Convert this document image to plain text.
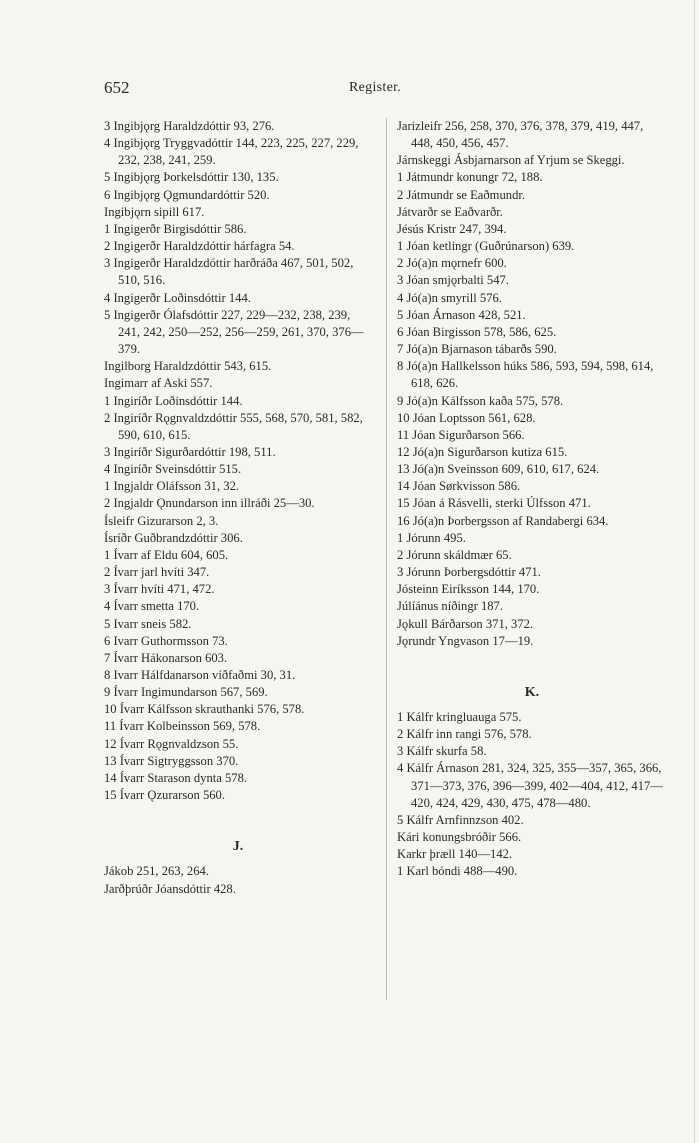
652	Register.
3 Ingibjǫrg Haraldzdóttir 93, 276.
4 Ingibjǫrg Tryggvadóttir 144, 223, 225, 227, 229, 232, 238, 241, 259.
5 Ingibjǫrg Þorkelsdóttir 130, 135.
6 Ingibjǫrg Ǫgmundardóttir 520.
Ingibjǫrn sipill 617.
1 Ingigerðr Birgisdóttir 586.
2 Ingigerðr Haraldzdóttir hárfagra 54.
3 Ingigerðr Haraldzdóttir harðráða 467, 501, 502, 510, 516.
4 Ingigerðr Loðinsdóttir 144.
5 Ingigerðr Ólafsdóttir 227, 229—232, 238, 239, 241, 242, 250—252, 256—259, 261, 370, 376—379.
Ingilborg Haraldzdóttir 543, 615.
Ingimarr af Aski 557.
1 Ingiríðr Loðinsdóttir 144.
2 Ingiríðr Rǫgnvaldzdóttir 555, 568, 570, 581, 582, 590, 610, 615.
3 Ingiríðr Sigurðardóttir 198, 511.
4 Ingiríðr Sveinsdóttir 515.
1 Ingjaldr Oláfsson 31, 32.
2 Ingjaldr Ǫnundarson inn illráði 25—30.
Ísleifr Gizurarson 2, 3.
Ísríðr Guðbrandzdóttir 306.
1 Ívarr af Eldu 604, 605.
2 Ívarr jarl hvíti 347.
3 Ívarr hvíti 471, 472.
4 Ívarr smetta 170.
5 Ivarr sneis 582.
6 Ivarr Guthormsson 73.
7 Ívarr Hákonarson 603.
8 Ivarr Hálfdanarson víðfaðmi 30, 31.
9 Ívarr Ingimundarson 567, 569.
10 Ívarr Kálfsson skrauthanki 576, 578.
11 Ívarr Kolbeinsson 569, 578.
12 Ívarr Rǫgnvaldzson 55.
13 Ívarr Sigtryggsson 370.
14 Ívarr Starason dynta 578.
15 Ívarr Ǫzurarson 560.
J.
Jákob 251, 263, 264.
Jarðþrúðr Jóansdóttir 428.
Jarizleifr 256, 258, 370, 376, 378, 379, 419, 447, 448, 450, 456, 457.
Járnskeggi Ásbjarnarson af Yrjum se Skeggi.
1 Játmundr konungr 72, 188.
2 Játmundr se Eaðmundr.
Játvarðr se Eaðvarðr.
Jésús Kristr 247, 394.
1 Jóan ketlingr (Guðrúnarson) 639.
2 Jó(a)n mǫrnefr 600.
3 Jóan smjǫrbalti 547.
4 Jó(a)n smyrill 576.
5 Jóan Árnason 428, 521.
6 Jóan Birgisson 578, 586, 625.
7 Jó(a)n Bjarnason tábarðs 590.
8 Jó(a)n Hallkelsson húks 586, 593, 594, 598, 614, 618, 626.
9 Jó(a)n Kálfsson kaða 575, 578.
10 Jóan Loptsson 561, 628.
11 Jóan Sigurðarson 566.
12 Jó(a)n Sigurðarson kutiza 615.
13 Jó(a)n Sveinsson 609, 610, 617, 624.
14 Jóan Sørkvisson 586.
15 Jóan á Rásvelli, sterki Úlfsson 471.
16 Jó(a)n Þorbergsson af Randabergi 634.
1 Jórunn 495.
2 Jórunn skáldmær 65.
3 Jórunn Þorbergsdóttir 471.
Jósteinn Eiríksson 144, 170.
Júlíánus níðingr 187.
Jǫkull Bárðarson 371, 372.
Jǫrundr Yngvason 17—19.
K.
1 Kálfr kringluauga 575.
2 Kálfr inn rangi 576, 578.
3 Kálfr skurfa 58.
4 Kálfr Árnason 281, 324, 325, 355—357, 365, 366, 371—373, 376, 396—399, 402—404, 412, 417—420, 424, 429, 430, 475, 478—480.
5 Kálfr Arnfinnzson 402.
Kári konungsbróðir 566.
Karkr þræll 140—142.
1 Karl bóndi 488—490.
